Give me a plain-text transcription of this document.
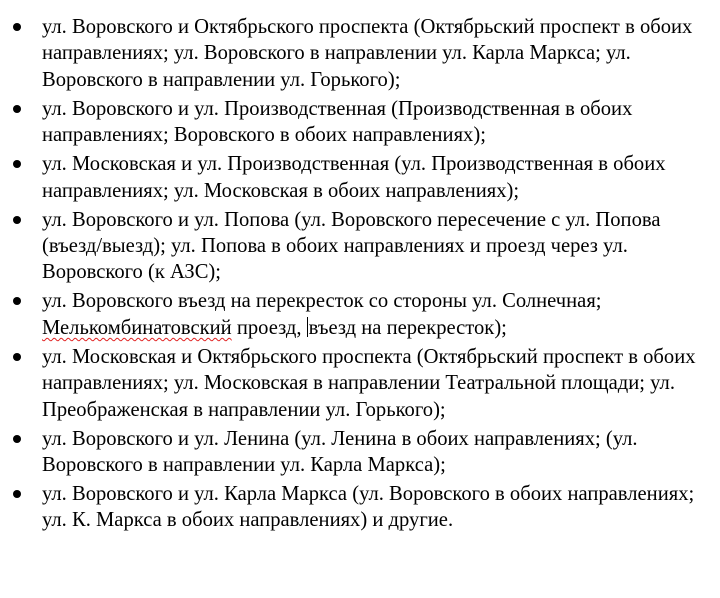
ул. Воровского и Октябрьского проспекта (Октябрьский проспект в обоих направлениях; ул. Воровского в направлении ул. Карла Маркса; ул. Воровского в направлении ул. Горького);
ул. Воровского и ул. Производственная (Производственная в обоих направлениях; Воровского в обоих направлениях);
ул. Московская и ул. Производственная (ул. Производственная в обоих направлениях; ул. Московская в обоих направлениях);
ул. Воровского и ул. Попова (ул. Воровского пересечение с ул. Попова (въезд/выезд); ул. Попова в обоих направлениях и проезд через ул. Воровского (к АЗС);
ул. Воровского въезд на перекресток со стороны ул. Солнечная; Мелькомбинатовский проезд, въезд на перекресток);
ул. Московская и Октябрьского проспекта (Октябрьский проспект в обоих направлениях; ул. Московская в направлении Театральной площади; ул. Преображенская в направлении ул. Горького);
ул. Воровского и ул. Ленина (ул. Ленина в обоих направлениях; (ул. Воровского в направлении ул. Карла Маркса);
ул. Воровского и ул. Карла Маркса (ул. Воровского в обоих направлениях; ул. К. Маркса в обоих направлениях) и другие.
